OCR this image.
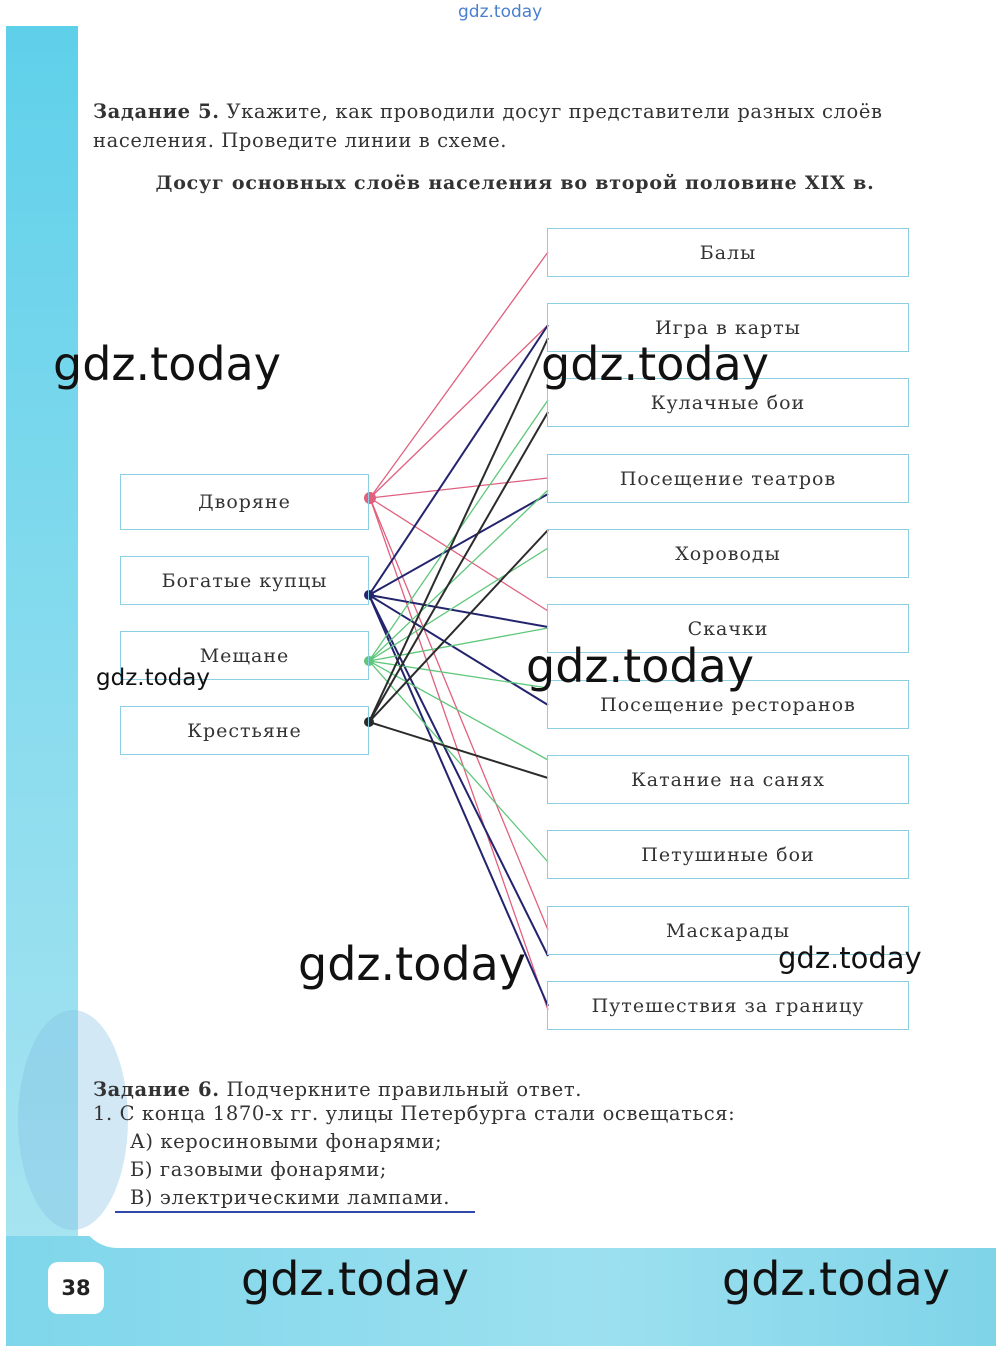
gdz.today

Задание 5. Укажите, как проводили досуг представители разных слоёв
населения. Проведите линии в схеме.

Досуг основных слоёв населения во второй половине XIX в.

Дворяне
Богатые купцы
Мещане
Крестьяне
Балы
Игра в карты
Кулачные бои
Посещение театров
Хороводы
Скачки
Посещение ресторанов
Катание на санях
Петушиные бои
Маскарады
Путешествия за границу
gdz.today	gdz.today
gdz.today	gdz.today
gdz.today	gdz.today

Задание 6. Подчеркните правильный ответ.

1. С конца 1870-х гг. улицы Петербурга стали освещаться:

А) керосиновыми фонарями;

Б) газовыми фонарями;

В) электрическими лампами.

38	gdz.today	gdz.today
